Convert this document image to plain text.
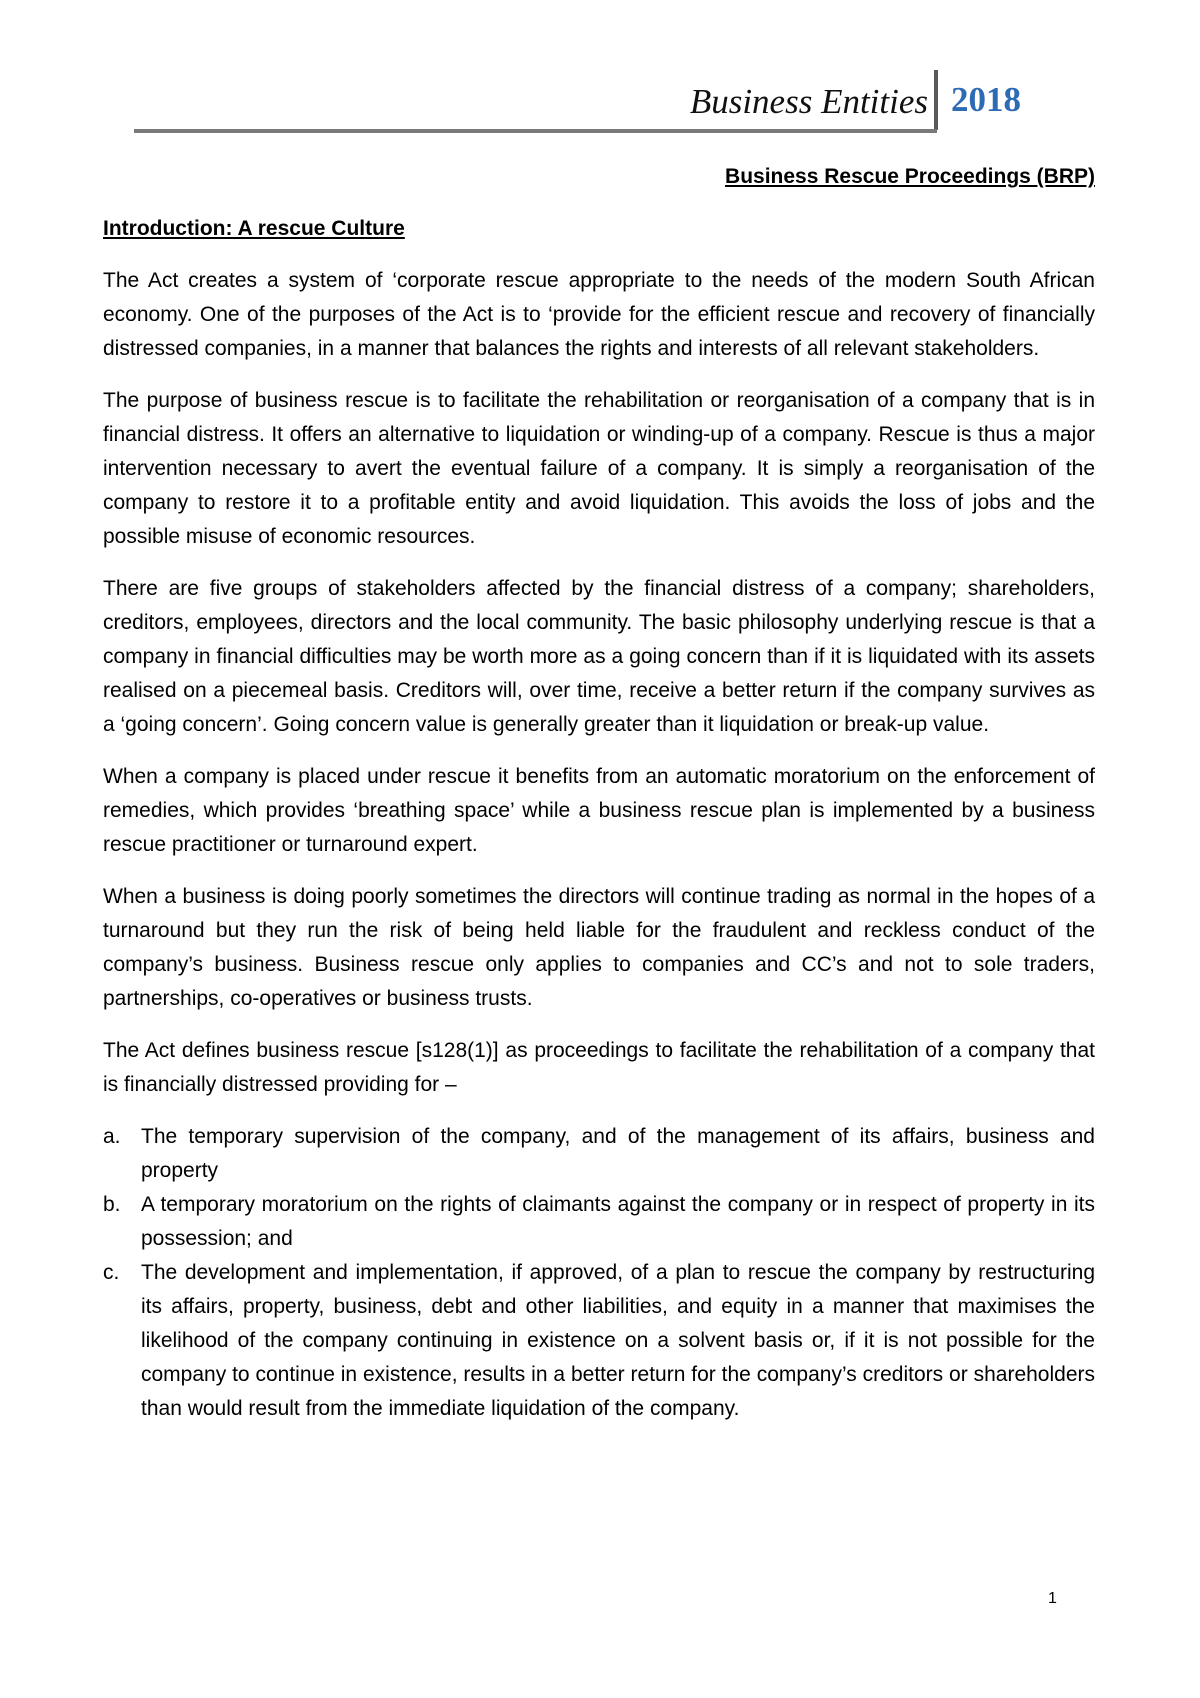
Business Entities 2018

Business Rescue Proceedings (BRP)

Introduction: A rescue Culture

The Act creates a system of ‘corporate rescue appropriate to the needs of the modern South African economy. One of the purposes of the Act is to ‘provide for the efficient rescue and recovery of financially distressed companies, in a manner that balances the rights and interests of all relevant stakeholders.

The purpose of business rescue is to facilitate the rehabilitation or reorganisation of a company that is in financial distress. It offers an alternative to liquidation or winding-up of a company. Rescue is thus a major intervention necessary to avert the eventual failure of a company. It is simply a reorganisation of the company to restore it to a profitable entity and avoid liquidation. This avoids the loss of jobs and the possible misuse of economic resources.

There are five groups of stakeholders affected by the financial distress of a company; shareholders, creditors, employees, directors and the local community. The basic philosophy underlying rescue is that a company in financial difficulties may be worth more as a going concern than if it is liquidated with its assets realised on a piecemeal basis. Creditors will, over time, receive a better return if the company survives as a ‘going concern’. Going concern value is generally greater than it liquidation or break-up value.

When a company is placed under rescue it benefits from an automatic moratorium on the enforcement of remedies, which provides ‘breathing space’ while a business rescue plan is implemented by a business rescue practitioner or turnaround expert.

When a business is doing poorly sometimes the directors will continue trading as normal in the hopes of a turnaround but they run the risk of being held liable for the fraudulent and reckless conduct of the company’s business. Business rescue only applies to companies and CC’s and not to sole traders, partnerships, co-operatives or business trusts.

The Act defines business rescue [s128(1)] as proceedings to facilitate the rehabilitation of a company that is financially distressed providing for –

a. The temporary supervision of the company, and of the management of its affairs, business and property
b. A temporary moratorium on the rights of claimants against the company or in respect of property in its possession; and
c.	The development and implementation, if approved, of a plan to rescue the company by restructuring its affairs, property, business, debt and other liabilities, and equity in a manner that maximises the likelihood of the company continuing in existence on a solvent basis or, if it is not possible for the company to continue in existence, results in a better return for the company’s creditors or shareholders than would result from the immediate liquidation of the company.
1
